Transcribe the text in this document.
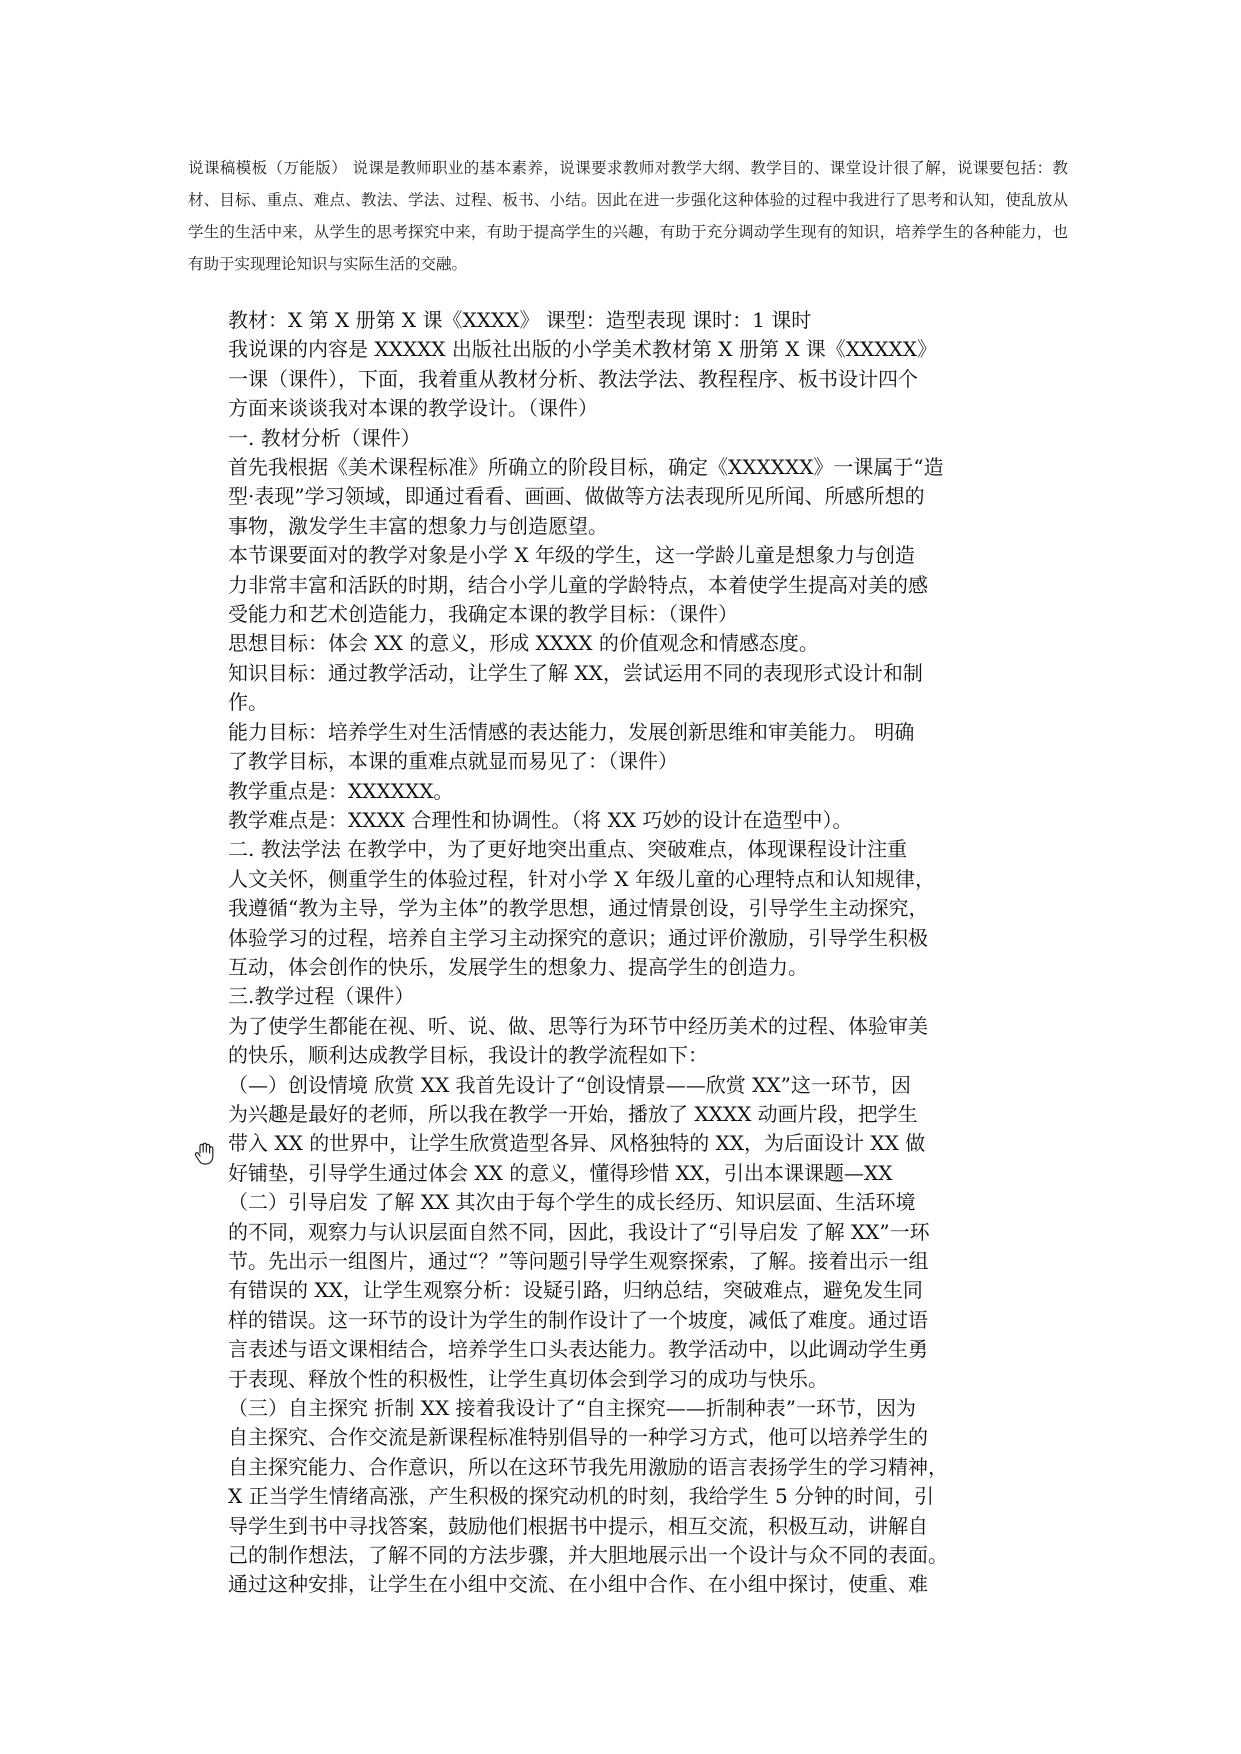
说课稿模板（万能版） 说课是教师职业的基本素养，说课要求教师对教学大纲、教学目的、课堂设计很了解，说课要包括：教材、目标、重点、难点、教法、学法、过程、板书、小结。因此在进一步强化这种体验的过程中我进行了思考和认知，使乱放从学生的生活中来，从学生的思考探究中来，有助于提高学生的兴趣，有助于充分调动学生现有的知识，培养学生的各种能力，也有助于实现理论知识与实际生活的交融。

教材：X 第 X 册第 X 课《XXXX》 课型：造型表现 课时：1 课时

我说课的内容是 XXXXX 出版社出版的小学美术教材第 X 册第 X 课《XXXXX》

一课（课件），下面，我着重从教材分析、教法学法、教程程序、板书设计四个

方面来谈谈我对本课的教学设计。（课件）

一. 教材分析（课件）

首先我根据《美术课程标准》所确立的阶段目标，确定《XXXXXX》一课属于“造

型·表现”学习领域，即通过看看、画画、做做等方法表现所见所闻、所感所想的

事物，激发学生丰富的想象力与创造愿望。

本节课要面对的教学对象是小学 X 年级的学生，这一学龄儿童是想象力与创造

力非常丰富和活跃的时期，结合小学儿童的学龄特点，本着使学生提高对美的感

受能力和艺术创造能力，我确定本课的教学目标：（课件）

思想目标：体会 XX 的意义，形成 XXXX 的价值观念和情感态度。

知识目标：通过教学活动，让学生了解 XX，尝试运用不同的表现形式设计和制

作。

能力目标：培养学生对生活情感的表达能力，发展创新思维和审美能力。 明确

了教学目标，本课的重难点就显而易见了：（课件）

教学重点是：XXXXXX。

教学难点是：XXXX 合理性和协调性。（将 XX 巧妙的设计在造型中）。

二. 教法学法 在教学中，为了更好地突出重点、突破难点，体现课程设计注重

人文关怀，侧重学生的体验过程，针对小学 X 年级儿童的心理特点和认知规律，

我遵循“教为主导，学为主体”的教学思想，通过情景创设，引导学生主动探究，

体验学习的过程，培养自主学习主动探究的意识；通过评价激励，引导学生积极

互动，体会创作的快乐，发展学生的想象力、提高学生的创造力。

三.教学过程（课件）

为了使学生都能在视、听、说、做、思等行为环节中经历美术的过程、体验审美

的快乐，顺利达成教学目标，我设计的教学流程如下：

（—）创设情境 欣赏 XX 我首先设计了“创设情景——欣赏 XX”这一环节，因

为兴趣是最好的老师，所以我在教学一开始，播放了 XXXX 动画片段，把学生

带入 XX 的世界中，让学生欣赏造型各异、风格独特的 XX，为后面设计 XX 做

好铺垫，引导学生通过体会 XX 的意义，懂得珍惜 XX，引出本课课题—XX

（二）引导启发 了解 XX 其次由于每个学生的成长经历、知识层面、生活环境

的不同，观察力与认识层面自然不同，因此，我设计了“引导启发 了解 XX”一环

节。先出示一组图片，通过“？”等问题引导学生观察探索，了解。接着出示一组

有错误的 XX，让学生观察分析：设疑引路，归纳总结，突破难点，避免发生同

样的错误。这一环节的设计为学生的制作设计了一个坡度，减低了难度。通过语

言表述与语文课相结合，培养学生口头表达能力。教学活动中，以此调动学生勇

于表现、释放个性的积极性，让学生真切体会到学习的成功与快乐。

（三）自主探究 折制 XX 接着我设计了“自主探究——折制种表”一环节，因为

自主探究、合作交流是新课程标准特别倡导的一种学习方式，他可以培养学生的

自主探究能力、合作意识，所以在这环节我先用激励的语言表扬学生的学习精神，

X 正当学生情绪高涨，产生积极的探究动机的时刻，我给学生 5 分钟的时间，引

导学生到书中寻找答案，鼓励他们根据书中提示，相互交流，积极互动，讲解自

己的制作想法，了解不同的方法步骤，并大胆地展示出一个设计与众不同的表面。

通过这种安排，让学生在小组中交流、在小组中合作、在小组中探讨，使重、难
